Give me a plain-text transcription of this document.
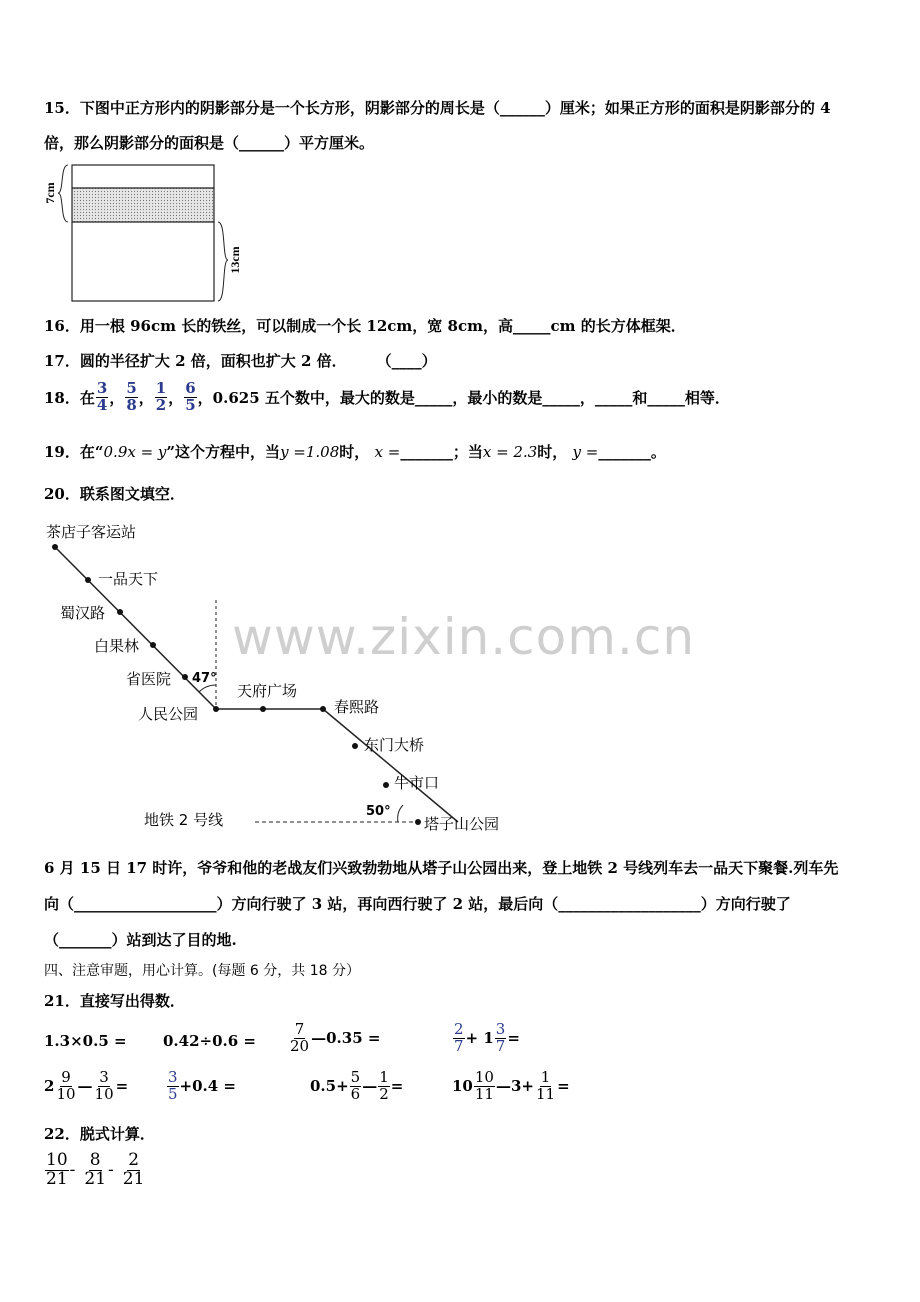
www.zixin.com.cn
15．下图中正方形内的阴影部分是一个长方形，阴影部分的周长是（______）厘米；如果正方形的面积是阴影部分的 4
倍，那么阴影部分的面积是（______）平方厘米。
7cm
13cm
16．用一根 96cm 长的铁丝，可以制成一个长 12cm，宽 8cm，高_____cm 的长方体框架．
17．圆的半径扩大 2 倍，面积也扩大 2 倍．　　　（____）
18．在 $\frac{3}{4}$ ， $\frac{5}{8}$ ， $\frac{1}{2}$ ， $\frac{6}{5}$ ，0.625 五个数中，最大的数是_____，最小的数是_____，_____和_____相等．
19．在“0.9x = y”这个方程中，当y =1.08时， x =_______；当x = 2.3时， y =_______。
20．联系图文填空．
茶店子客运站
一品天下
蜀汉路
白果林
省医院
人民公园
天府广场
春熙路
东门大桥
牛市口
塔子山公园
47°
50°
地铁 2 号线
6 月 15 日 17 时许，爷爷和他的老战友们兴致勃勃地从塔子山公园出来，登上地铁 2 号线列车去一品天下聚餐.列车先
向（___________________）方向行驶了 3 站，再向西行驶了 2 站，最后向（___________________）方向行驶了
（_______）站到达了目的地.
四、注意审题，用心计算。(每题 6 分，共 18 分）
21．直接写出得数．
$1.3\times 0.5 = 0.42\div 0.6 = \frac{7}{20}$ —0.35 =	$\frac{2}{7} + 1 \frac{3}{7}$ =
$2 \frac{9}{10}$ — $\frac{3}{10}$ =	$\frac{3}{5} +0.4$ =	$0.5+ \frac{5}{6}$ — $\frac{1}{2}$ =	$10 \frac{10}{11}$ —3+ $\frac{1}{11}$ =
22．脱式计算．
$\frac{10}{21} - \frac{8}{21} - \frac{2}{21}$
